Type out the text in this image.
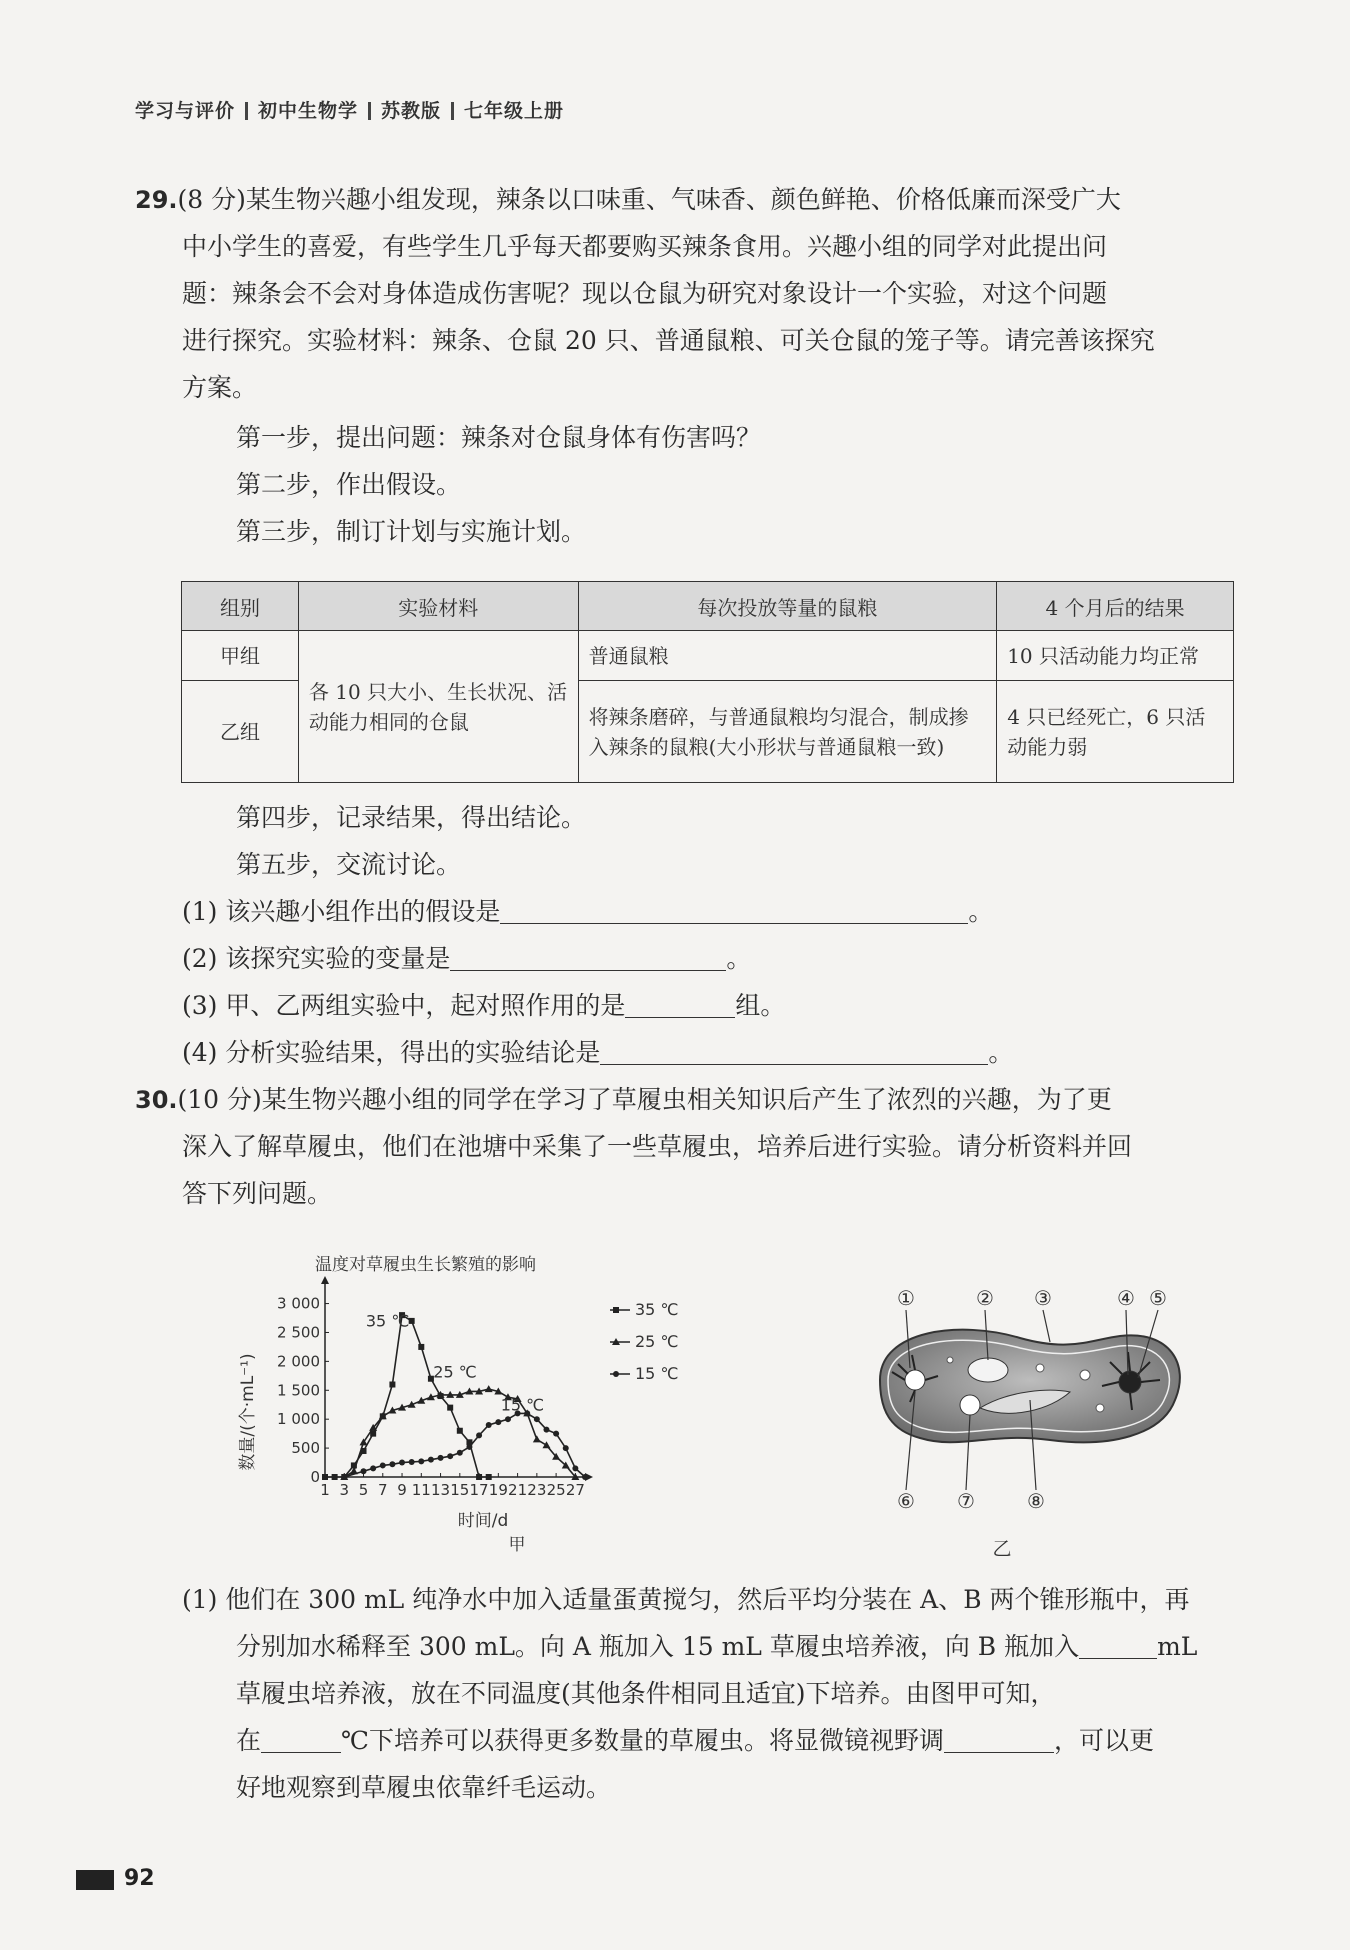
学习与评价 初中生物学 苏教版 七年级上册
29.(8 分)某生物兴趣小组发现，辣条以口味重、气味香、颜色鲜艳、价格低廉而深受广大
中小学生的喜爱，有些学生几乎每天都要购买辣条食用。兴趣小组的同学对此提出问
题：辣条会不会对身体造成伤害呢？现以仓鼠为研究对象设计一个实验，对这个问题
进行探究。实验材料：辣条、仓鼠 20 只、普通鼠粮、可关仓鼠的笼子等。请完善该探究
方案。
第一步，提出问题：辣条对仓鼠身体有伤害吗？
第二步，作出假设。
第三步，制订计划与实施计划。
组别	实验材料	每次投放等量的鼠粮	4 个月后的结果
甲组	各 10 只大小、生长状况、活动能力相同的仓鼠	普通鼠粮	10 只活动能力均正常
乙组		将辣条磨碎，与普通鼠粮均匀混合，制成掺入辣条的鼠粮(大小形状与普通鼠粮一致)	4 只已经死亡，6 只活动能力弱
第四步，记录结果，得出结论。
第五步，交流讨论。
(1) 该兴趣小组作出的假设是	。
(2) 该探究实验的变量是	。
(3) 甲、乙两组实验中，起对照作用的是	组。
(4) 分析实验结果，得出的实验结论是	。
30.(10 分)某生物兴趣小组的同学在学习了草履虫相关知识后产生了浓烈的兴趣，为了更
深入了解草履虫，他们在池塘中采集了一些草履虫，培养后进行实验。请分析资料并回
答下列问题。
温度对草履虫生长繁殖的影响
1 3 5 7 9 11 13 15 17 19 21 23 25 27
0
500
1 000
1 500
2 000
2 500
3 000
35 ℃
25 ℃
15 ℃
35 ℃
25 ℃
15 ℃
时间/d
甲
数量/(个·mL⁻¹)
①	② ③	④ ⑤
⑥ ⑦	⑧
乙
(1) 他们在 300 mL 纯净水中加入适量蛋黄搅匀，然后平均分装在 A、B 两个锥形瓶中，再
分别加水稀释至 300 mL。向 A 瓶加入 15 mL 草履虫培养液，向 B 瓶加入	mL
草履虫培养液，放在不同温度(其他条件相同且适宜)下培养。由图甲可知，
在	℃下培养可以获得更多数量的草履虫。将显微镜视野调	，可以更
好地观察到草履虫依靠纤毛运动。
92
